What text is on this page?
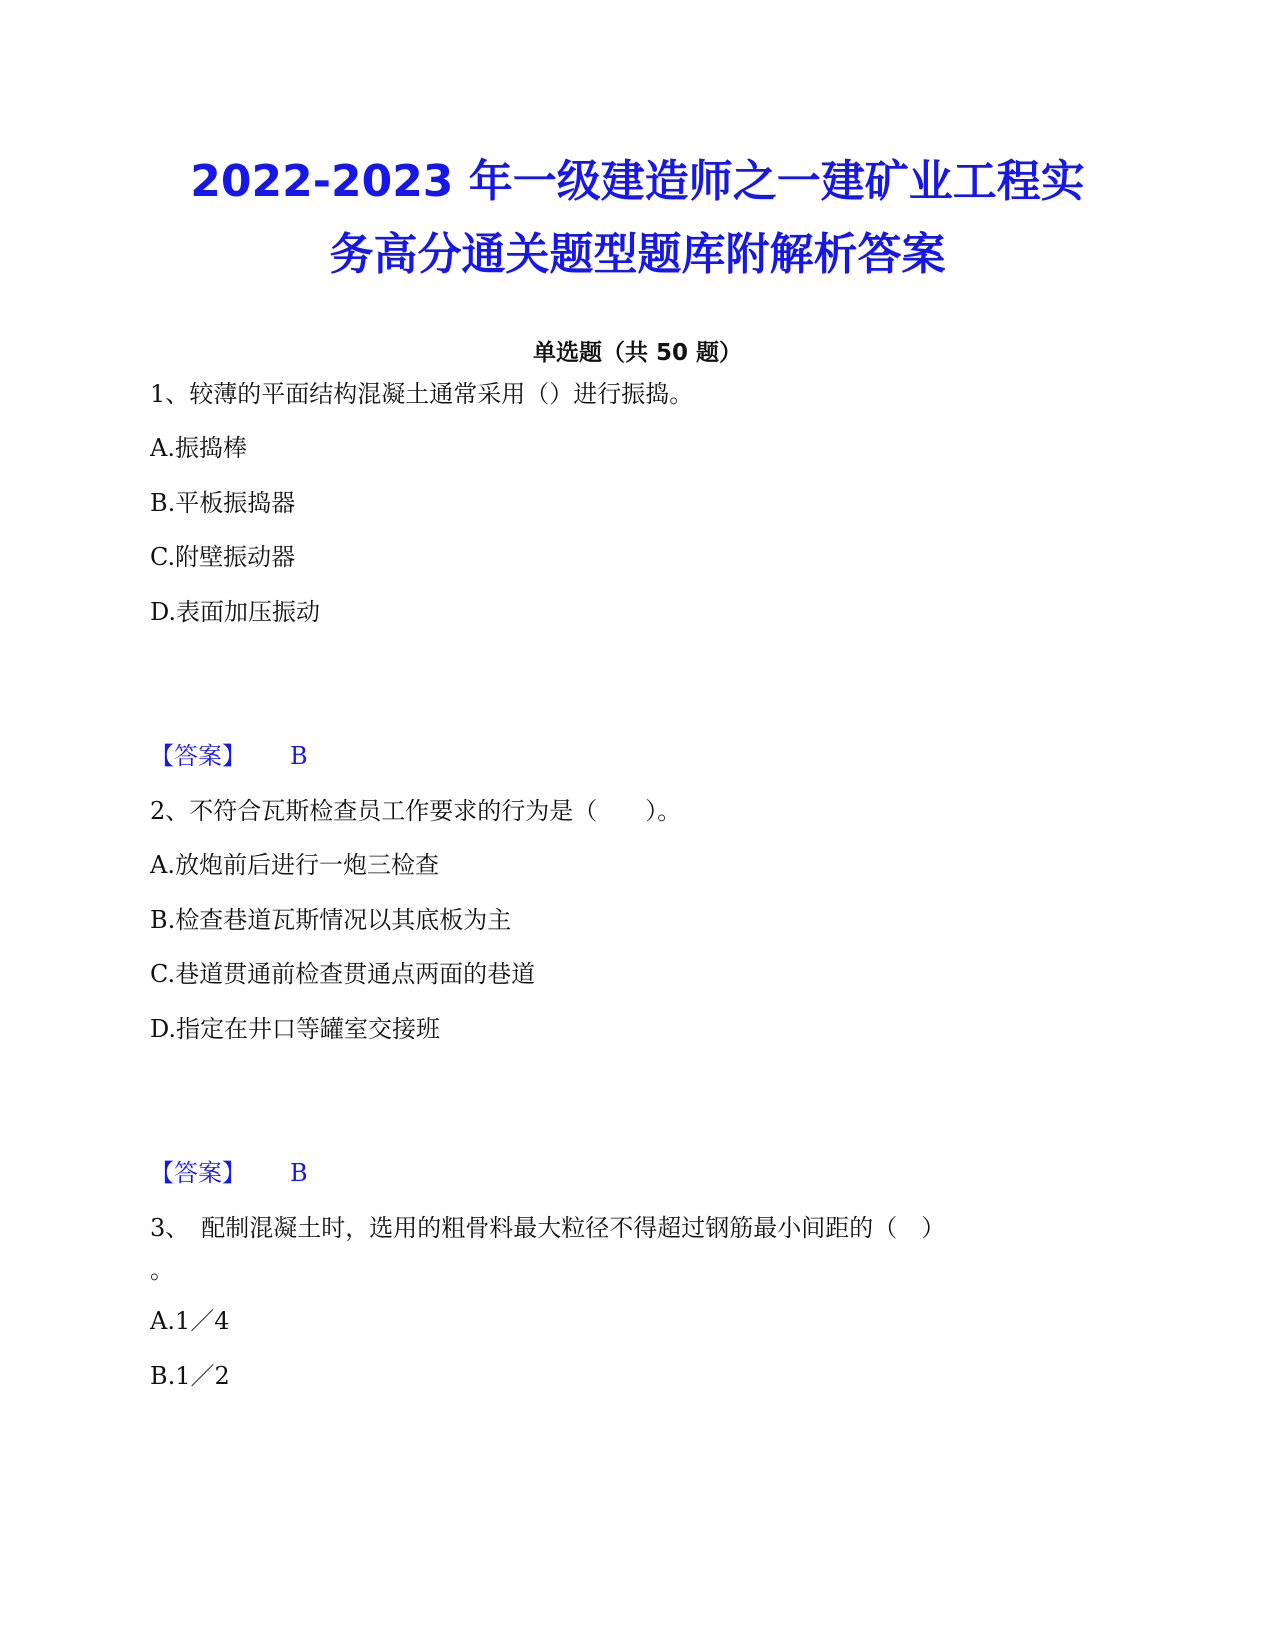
2022-2023 年一级建造师之一建矿业工程实
务高分通关题型题库附解析答案
单选题（共 50 题）
1、较薄的平面结构混凝土通常采用（）进行振捣。
A.振捣棒
B.平板振捣器
C.附壁振动器
D.表面加压振动
【答案】 B
2、不符合瓦斯检查员工作要求的行为是（　　）。
A.放炮前后进行一炮三检查
B.检查巷道瓦斯情况以其底板为主
C.巷道贯通前检查贯通点两面的巷道
D.指定在井口等罐室交接班
【答案】 B
3、　配制混凝土时，选用的粗骨料最大粒径不得超过钢筋最小间距的（　）
。
A.1／4
B.1／2
